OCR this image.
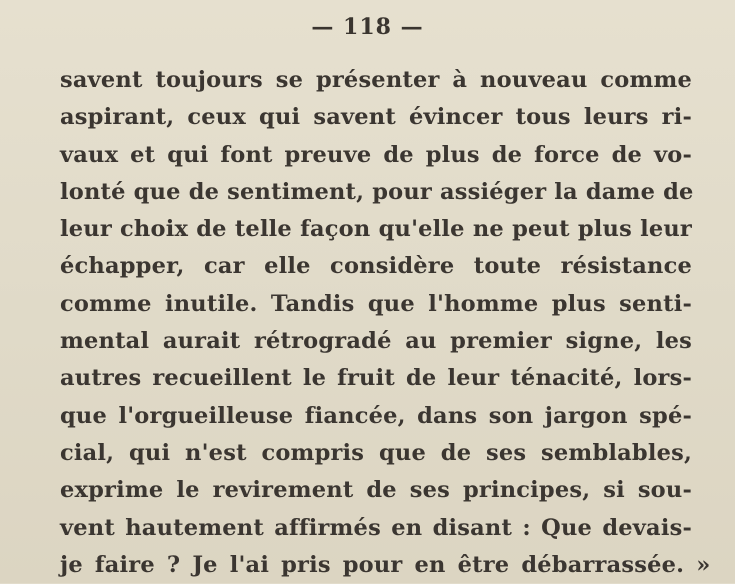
— 118 —
savent toujours se présenter à nouveau comme
aspirant, ceux qui savent évincer tous leurs ri-
vaux et qui font preuve de plus de force de vo-
lonté que de sentiment, pour assiéger la dame de
leur choix de telle façon qu'elle ne peut plus leur
échapper, car elle considère toute résistance
comme inutile. Tandis que l'homme plus senti-
mental aurait rétrogradé au premier signe, les
autres recueillent le fruit de leur ténacité, lors-
que l'orgueilleuse fiancée, dans son jargon spé-
cial, qui n'est compris que de ses semblables,
exprime le revirement de ses principes, si sou-
vent hautement affirmés en disant : Que devais-
je faire ? Je l'ai pris pour en être débarrassée. »
